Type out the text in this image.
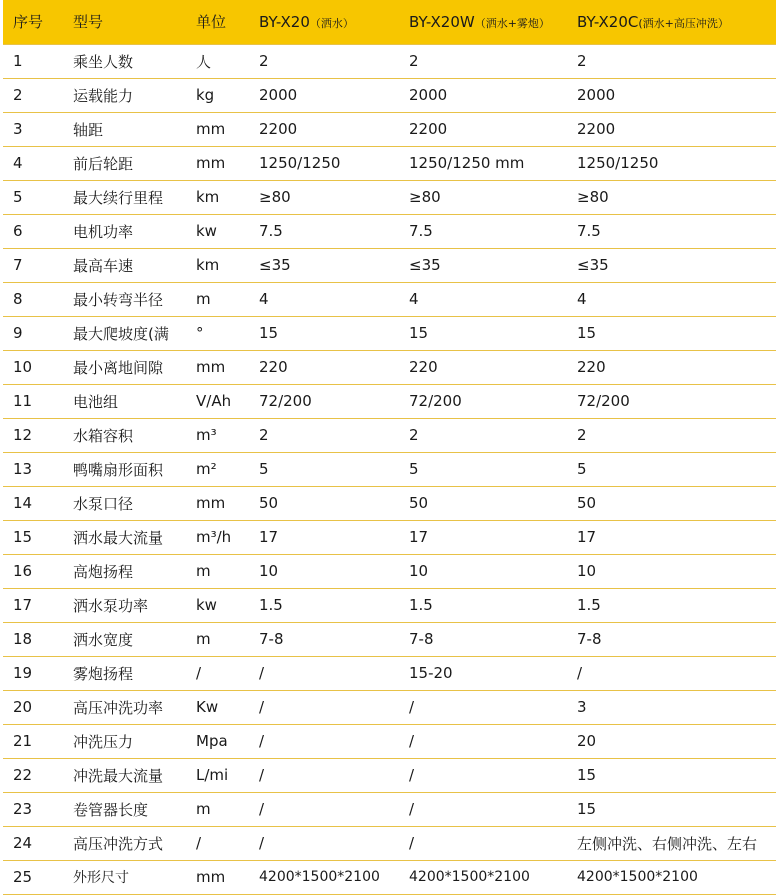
序号	型号	单位	BY-X20（洒水）	BY-X20W（洒水+雾炮）	BY-X20C(洒水+高压冲洗）
1	乘坐人数	人	2	2	2
2	运载能力	kg	2000	2000	2000
3	轴距	mm	2200	2200	2200
4	前后轮距	mm	1250/1250	1250/1250 mm	1250/1250
5	最大续行里程	km	≥80	≥80	≥80
6	电机功率	kw	7.5	7.5	7.5
7	最高车速	km	≤35	≤35	≤35
8	最小转弯半径	m	4	4	4
9	最大爬坡度(满	°	15	15	15
10	最小离地间隙	mm	220	220	220
11	电池组	V/Ah	72/200	72/200	72/200
12	水箱容积	m³	2	2	2
13	鸭嘴扇形面积	m²	5	5	5
14	水泵口径	mm	50	50	50
15	洒水最大流量	m³/h	17	17	17
16	高炮扬程	m	10	10	10
17	洒水泵功率	kw	1.5	1.5	1.5
18	洒水宽度	m	7-8	7-8	7-8
19	雾炮扬程	/	/	15-20	/
20	高压冲洗功率	Kw	/	/	3
21	冲洗压力	Mpa	/	/	20
22	冲洗最大流量	L/mi	/	/	15
23	卷管器长度	m	/	/	15
24	高压冲洗方式	/	/	/	左侧冲洗、右侧冲洗、左右
25	外形尺寸	mm	4200*1500*2100	4200*1500*2100	4200*1500*2100
